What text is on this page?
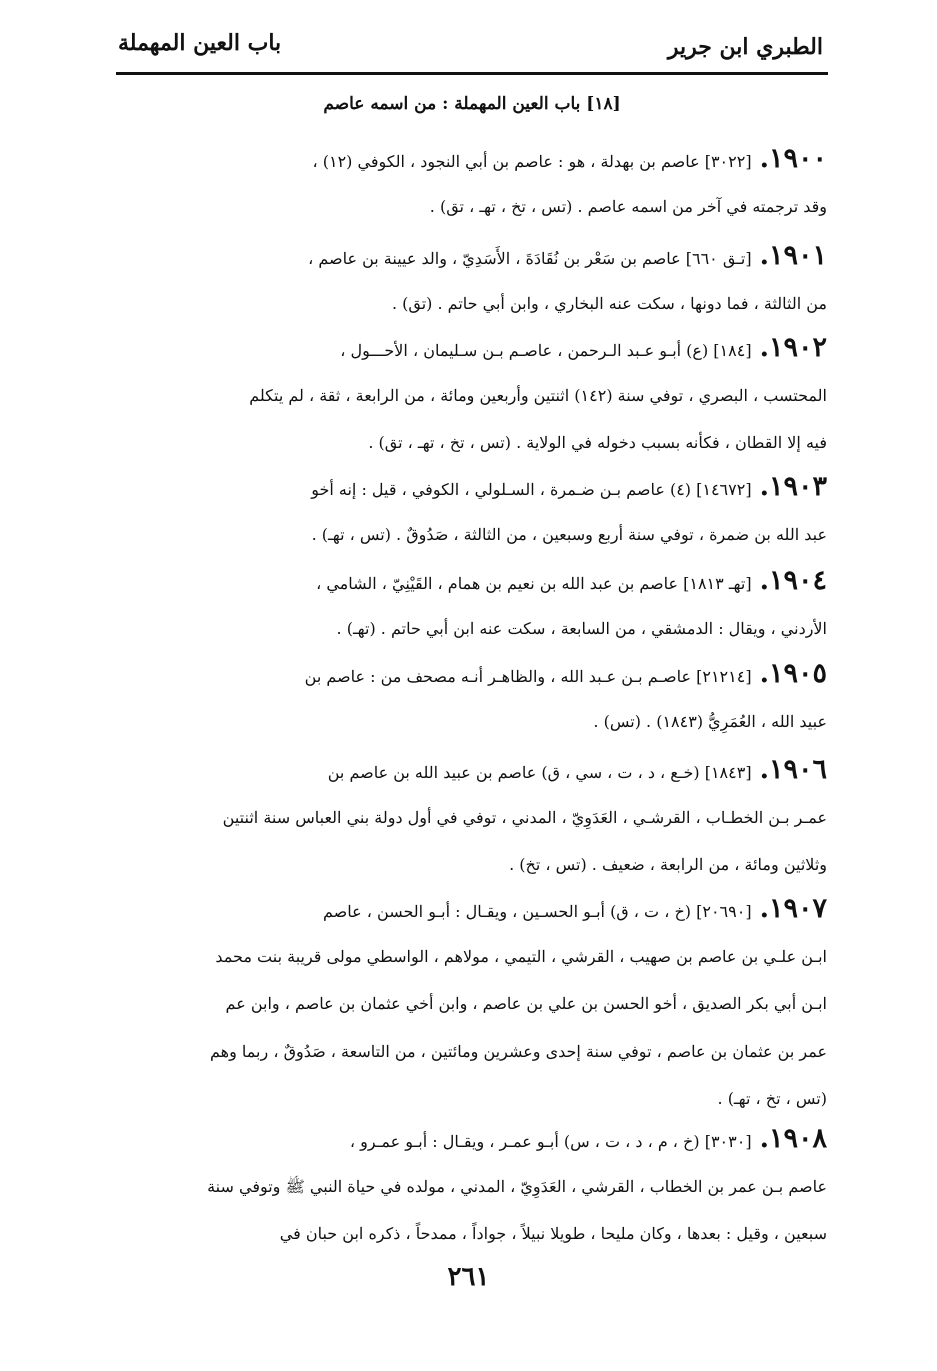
الطبري ابن جرير
باب العين المهملة
[١٨] باب العين المهملة : من اسمه عاصم
١٩٠٠.[٣٠٢٢] عاصم بن بهدلة ، هو : عاصم بن أبي النجود ، الكوفي (١٢) ،
وقد ترجمته في آخر من اسمه عاصم . (تس ، تخ ، تهـ ، تق) .
١٩٠١.[تـق ٦٦٠] عاصم بن سَعْر بن نُقَادَةَ ، الأَسَدِيّ ، والد عيينة بن عاصم ،
من الثالثة ، فما دونها ، سكت عنه البخاري ، وابن أبي حاتم . (تق) .
١٩٠٢.[١٨٤] (ع) أبـو عـبد الـرحمن ، عاصـم بـن سـليمان ، الأحـــول ،
المحتسب ، البصري ، توفي سنة (١٤٢) اثنتين وأربعين ومائة ، من الرابعة ، ثقة ، لم يتكلم
فيه إلا القطان ، فكأنه بسبب دخوله في الولاية . (تس ، تخ ، تهـ ، تق) .
١٩٠٣.[١٤٦٧٢] (٤) عاصم بـن ضـمرة ، السـلولي ، الكوفي ، قيل : إنه أخو
عبد الله بن ضمرة ، توفي سنة أربع وسبعين ، من الثالثة ، صَدُوقٌ . (تس ، تهـ) .
١٩٠٤.[تهـ ١٨١٣] عاصم بن عبد الله بن نعيم بن همام ، القَيْنِيّ ، الشامي ،
الأردني ، ويقال : الدمشقي ، من السابعة ، سكت عنه ابن أبي حاتم . (تهـ) .
١٩٠٥.[٢١٢١٤] عاصـم بـن عـبد الله ، والظاهـر أنـه مصحف من : عاصم بن
عبيد الله ، العُمَرِيُّ (١٨٤٣) . (تس) .
١٩٠٦.[١٨٤٣] (خـع ، د ، ت ، سي ، ق) عاصم بن عبيد الله بن عاصم بن
عمـر بـن الخطـاب ، القرشـي ، العَدَوِيّ ، المدني ، توفي في أول دولة بني العباس سنة اثنتين
وثلاثين ومائة ، من الرابعة ، ضعيف . (تس ، تخ) .
١٩٠٧.[٢٠٦٩٠] (خ ، ت ، ق) أبـو الحسـين ، ويقـال : أبـو الحسن ، عاصم
ابـن علـي بن عاصم بن صهيب ، القرشي ، التيمي ، مولاهم ، الواسطي مولى قريبة بنت محمد
ابـن أبي بكر الصديق ، أخو الحسن بن علي بن عاصم ، وابن أخي عثمان بن عاصم ، وابن عم
عمر بن عثمان بن عاصم ، توفي سنة إحدى وعشرين ومائتين ، من التاسعة ، صَدُوقٌ ، ربما وهم
(تس ، تخ ، تهـ) .
١٩٠٨.[٣٠٣٠] (خ ، م ، د ، ت ، س) أبـو عمـر ، ويقـال : أبـو عمـرو ،
عاصم بـن عمر بن الخطاب ، القرشي ، العَدَوِيّ ، المدني ، مولده في حياة النبي ﷺ وتوفي سنة
سبعين ، وقيل : بعدها ، وكان مليحا ، طويلا نبيلاً ، جواداً ، ممدحاً ، ذكره ابن حبان في
٢٦١
